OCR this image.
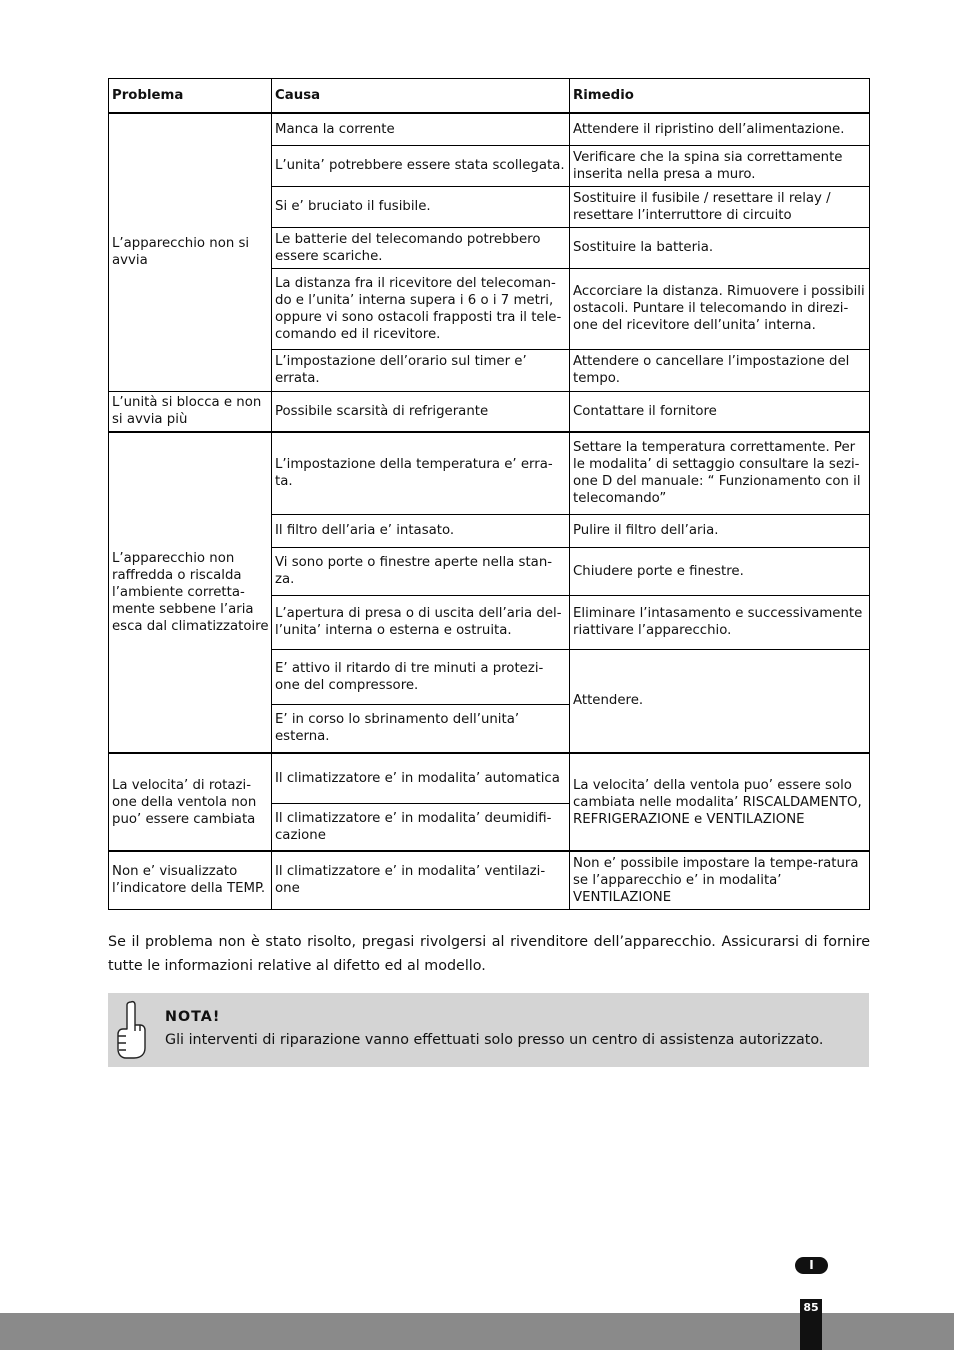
Problema	Causa	Rimedio
L’apparecchio non si avvia	Manca la corrente	Attendere il ripristino dell’alimentazione.
	L’unita’ potrebbere essere stata scollegata.	Verificare che la spina sia correttamente inserita nella presa a muro.
	Si e’ bruciato il fusibile.	Sostituire il fusibile / resettare il relay / resettare l’interruttore di circuito
	Le batterie del telecomando potrebbero essere scariche.	Sostituire la batteria.
	La distanza fra il ricevitore del telecoman-do e l’unita’ interna supera i 6 o i 7 metri, oppure vi sono ostacoli frapposti tra il tele-comando ed il ricevitore.	Accorciare la distanza. Rimuovere i possibili ostacoli. Puntare il telecomando in direzi-one del ricevitore dell’unita’ interna.
	L’impostazione dell’orario sul timer e’ errata.	Attendere o cancellare l’impostazione del tempo.
L’unità si blocca e non si avvia più	Possibile scarsità di refrigerante	Contattare il fornitore
L’apparecchio non raffredda o riscalda l’ambiente corretta-mente sebbene l’aria esca dal climatizzatoire	L’impostazione della temperatura e’ erra-ta.	Settare la temperatura correttamente. Per le modalita’ di settaggio consultare la sezi-one D del manuale: “ Funzionamento con il telecomando”
	Il filtro dell’aria e’ intasato.	Pulire il filtro dell’aria.
	Vi sono porte o finestre aperte nella stan-za.	Chiudere porte e finestre.
	L’apertura di presa o di uscita dell’aria del-l’unita’ interna o esterna e ostruita.	Eliminare l’intasamento e successivamente riattivare l’apparecchio.
	E’ attivo il ritardo di tre minuti a protezi-one del compressore.	Attendere.
	E’ in corso lo sbrinamento dell’unita’ esterna.	
La velocita’ di rotazi-one della ventola non puo’ essere cambiata	Il climatizzatore e’ in modalita’ automatica	La velocita’ della ventola puo’ essere solo cambiata nelle modalita’ RISCALDAMENTO, REFRIGERAZIONE e VENTILAZIONE
	Il climatizzatore e’ in modalita’ deumidifi-cazione	
Non e’ visualizzato l’indicatore della TEMP.	Il climatizzatore e’ in modalita’ ventilazi-one	Non e’ possibile impostare la tempe-ratura se l’apparecchio e’ in modalita’ VENTILAZIONE

Se il problema non è stato risolto, pregasi rivolgersi al rivenditore dell’apparecchio. Assicurarsi di fornire tutte le informazioni relative al difetto ed al modello.

NOTA!
Gli interventi di riparazione vanno effettuati solo presso un centro di assistenza autorizzato.
I
85
